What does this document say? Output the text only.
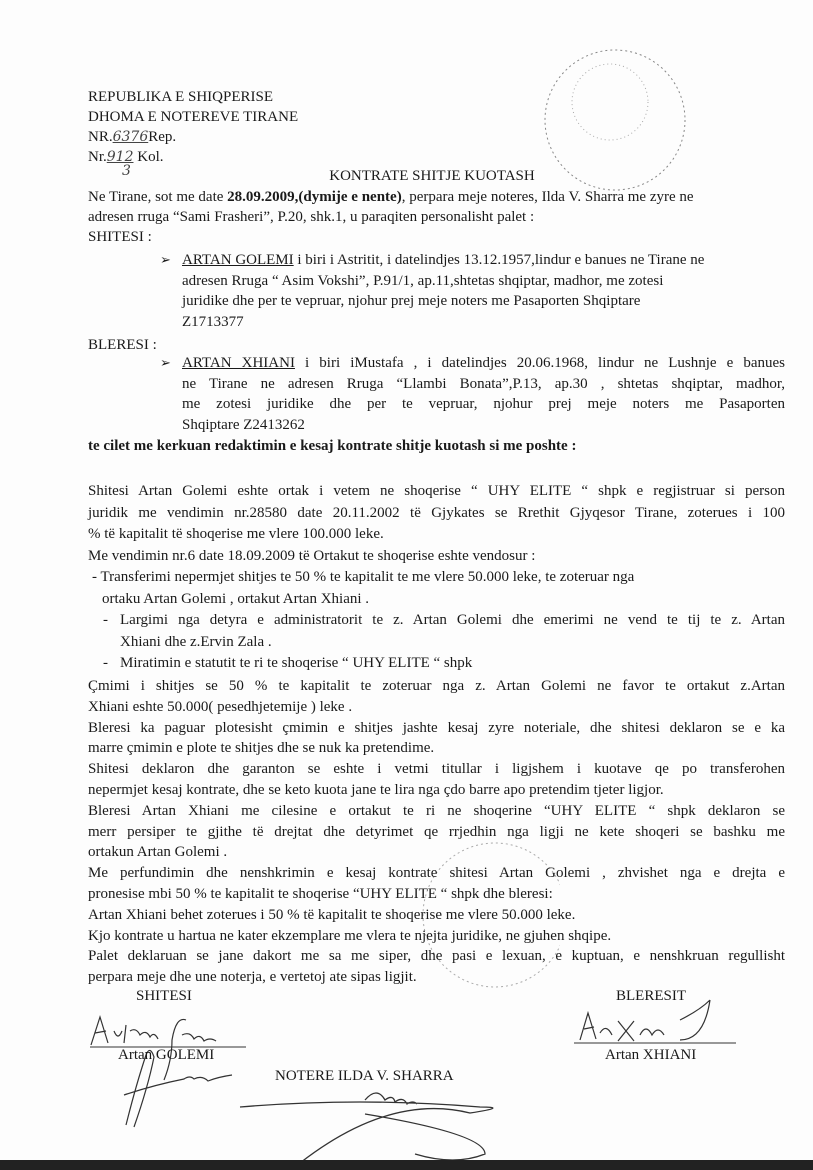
REPUBLIKA E SHIQPERISE
DHOMA E NOTEREVE TIRANE
NR.6376Rep.
Nr.912 Kol.
3	KONTRATE SHITJE KUOTASH
Ne Tirane, sot me date 28.09.2009,(dymije e nente), perpara meje noteres, Ilda V. Sharra me zyre ne
adresen rruga “Sami Frasheri”, P.20, shk.1, u paraqiten personalisht palet :
SHITESI :
➢ ARTAN GOLEMI i biri i Astritit, i datelindjes 13.12.1957,lindur e banues ne Tirane ne
adresen Rruga “ Asim Vokshi”, P.91/1, ap.11,shtetas shqiptar, madhor, me zotesi
juridike dhe per te vepruar, njohur prej meje noters me Pasaporten Shqiptare
Z1713377
BLERESI :
➢ ARTAN XHIANI i biri iMustafa , i datelindjes 20.06.1968, lindur ne Lushnje e banues
ne Tirane ne adresen Rruga “Llambi Bonata”,P.13, ap.30 , shtetas shqiptar, madhor,
me zotesi juridike dhe per te vepruar, njohur prej meje noters me Pasaporten
Shqiptare Z2413262
te cilet me kerkuan redaktimin e kesaj kontrate shitje kuotash si me poshte :
Shitesi Artan Golemi eshte ortak i vetem ne shoqerise “ UHY ELITE “ shpk e regjistruar si person
juridik me vendimin nr.28580 date 20.11.2002 të Gjykates se Rrethit Gjyqesor Tirane, zoterues i 100
% të kapitalit të shoqerise me vlere 100.000 leke.
Me vendimin nr.6 date 18.09.2009 të Ortakut te shoqerise eshte vendosur :
- Transferimi nepermjet shitjes te 50 % te kapitalit te me vlere 50.000 leke, te zoteruar nga
ortaku Artan Golemi , ortakut Artan Xhiani .
- Largimi nga detyra e administratorit te z. Artan Golemi dhe emerimi ne vend te tij te z. Artan
Xhiani dhe z.Ervin Zala .
- Miratimin e statutit te ri te shoqerise “ UHY ELITE “ shpk
Çmimi i shitjes se 50 % te kapitalit te zoteruar nga z. Artan Golemi ne favor te ortakut z.Artan
Xhiani eshte 50.000( pesedhjetemije ) leke .
Bleresi ka paguar plotesisht çmimin e shitjes jashte kesaj zyre noteriale, dhe shitesi deklaron se e ka
marre çmimin e plote te shitjes dhe se nuk ka pretendime.
Shitesi deklaron dhe garanton se eshte i vetmi titullar i ligjshem i kuotave qe po transferohen
nepermjet kesaj kontrate, dhe se keto kuota jane te lira nga çdo barre apo pretendim tjeter ligjor.
Bleresi Artan Xhiani me cilesine e ortakut te ri ne shoqerine “UHY ELITE “ shpk deklaron se
merr persiper te gjithe të drejtat dhe detyrimet qe rrjedhin nga ligji ne kete shoqeri se bashku me
ortakun Artan Golemi .
Me perfundimin dhe nenshkrimin e kesaj kontrate shitesi Artan Golemi , zhvishet nga e drejta e
pronesise mbi 50 % te kapitalit te shoqerise “UHY ELITE “ shpk dhe bleresi:
Artan Xhiani behet zoterues i 50 % të kapitalit te shoqerise me vlere 50.000 leke.
Kjo kontrate u hartua ne kater ekzemplare me vlera te njejta juridike, ne gjuhen shqipe.
Palet deklaruan se jane dakort me sa me siper, dhe pasi e lexuan, e kuptuan, e nenshkruan regullisht
perpara meje dhe une noterja, e vertetoj ate sipas ligjit.
SHITESI	BLERESIT
Artan GOLEMI	Artan XHIANI
NOTERE ILDA V. SHARRA
